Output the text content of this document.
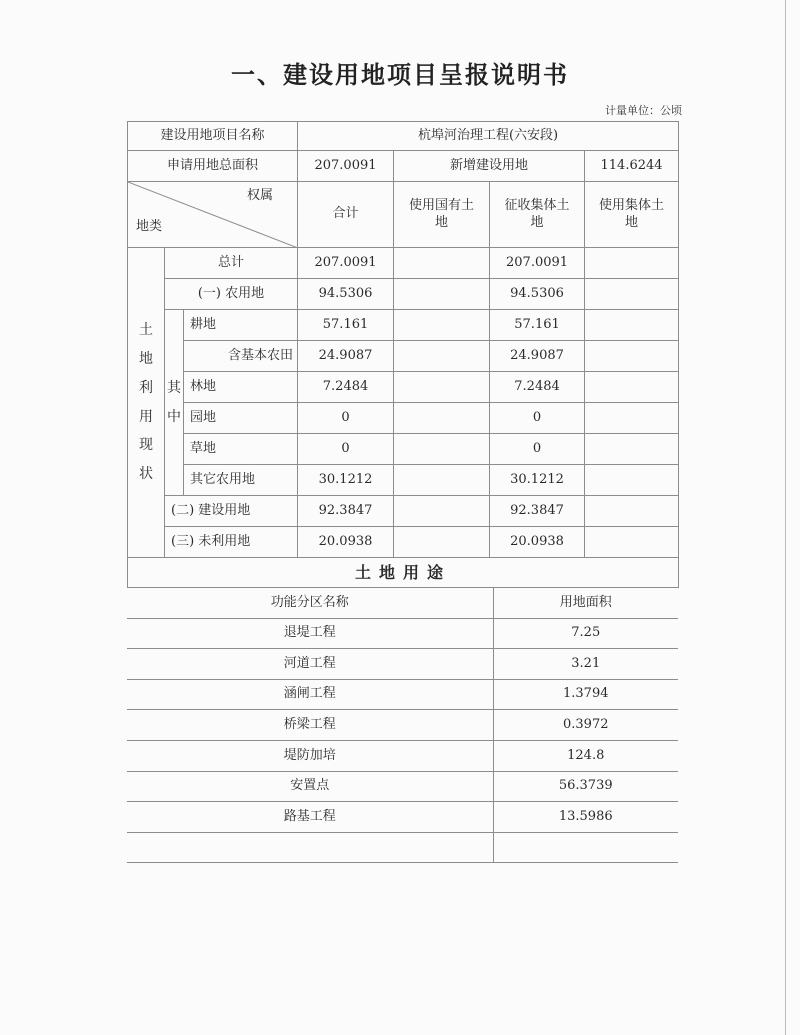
一、建设用地项目呈报说明书
计量单位：公顷
建设用地项目名称	杭埠河治理工程(六安段)		
申请用地总面积	207.0091	新增建设用地	114.6244
权属
地类			合计	使用国有土地	征收集体土地	使用集体土地
土地利用现状	总计		207.0091		207.0091	
	(一) 农用地		94.5306		94.5306	
	其中	耕地	57.161		57.161	
		含基本农田	24.9087		24.9087	
		林地	7.2484		7.2484	
		园地	0		0	
		草地	0		0	
		其它农用地	30.1212		30.1212	
	(二) 建设用地		92.3847		92.3847	
	(三) 未利用地		20.0938		20.0938	
土地用途
功能分区名称	用地面积
退堤工程	7.25
河道工程	3.21
涵闸工程	1.3794
桥梁工程	0.3972
堤防加培	124.8
安置点	56.3739
路基工程	13.5986
